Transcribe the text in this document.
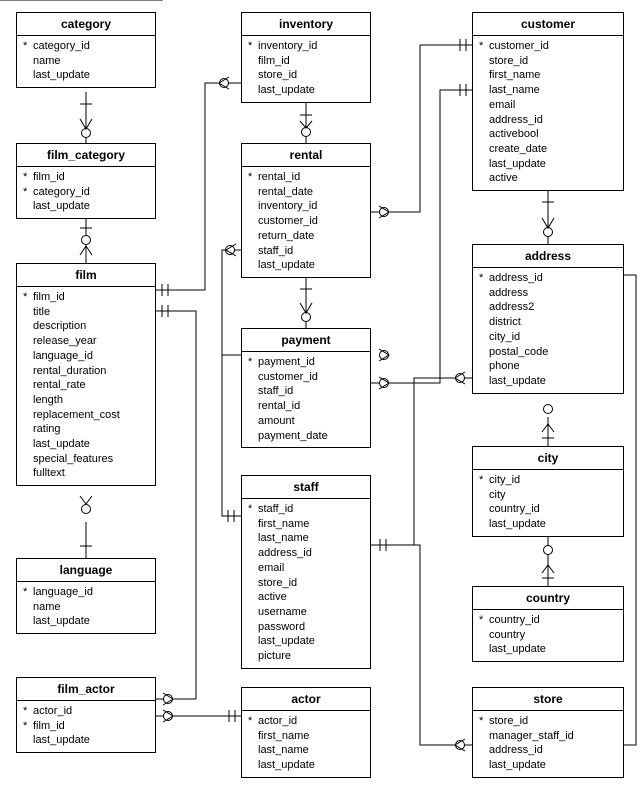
category
* category_id
name
last_update
inventory
* inventory_id
film_id
store_id
last_update
customer
* customer_id
store_id
first_name
last_name
email
address_id
activebool
create_date
last_update
active
film_category
* film_id
* category_id
last_update
rental
* rental_id
rental_date
inventory_id
customer_id
return_date
staff_id
last_update
address
* address_id
address
address2
district
city_id
postal_code
phone
last_update
film
* film_id
title
description
release_year
language_id
rental_duration
rental_rate
length
replacement_cost
rating
last_update
special_features
fulltext
payment
* payment_id
customer_id
staff_id
rental_id
amount
payment_date
city
* city_id
city
country_id
last_update
staff
* staff_id
first_name
last_name
address_id
email
store_id
active
username
password
last_update
picture
language
* language_id
name
last_update
country
* country_id
country
last_update
film_actor
* actor_id
* film_id
last_update
actor
* actor_id
first_name
last_name
last_update
store
* store_id
manager_staff_id
address_id
last_update
